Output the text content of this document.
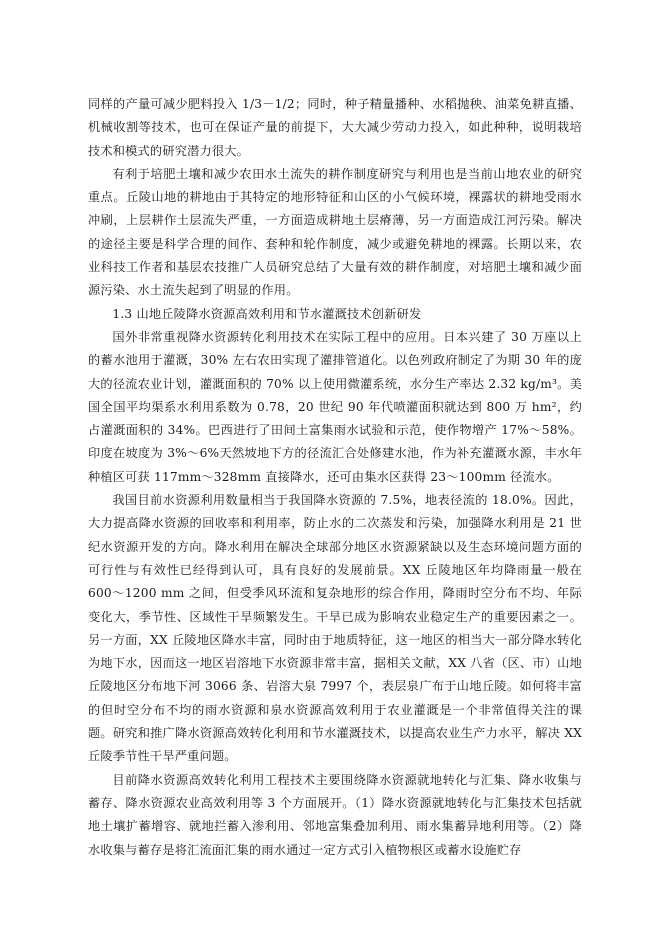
同样的产量可减少肥料投入 1/3－1/2；同时，种子精量播种、水稻抛秧、油菜免耕直播、机械收割等技术，也可在保证产量的前提下，大大减少劳动力投入，如此种种，说明栽培技术和模式的研究潜力很大。

有利于培肥土壤和减少农田水土流失的耕作制度研究与利用也是当前山地农业的研究重点。丘陵山地的耕地由于其特定的地形特征和山区的小气候环境，裸露状的耕地受雨水冲刷，上层耕作土层流失严重，一方面造成耕地土层瘠薄，另一方面造成江河污染。解决的途径主要是科学合理的间作、套种和轮作制度，减少或避免耕地的裸露。长期以来，农业科技工作者和基层农技推广人员研究总结了大量有效的耕作制度，对培肥土壤和减少面源污染、水土流失起到了明显的作用。

1.3 山地丘陵降水资源高效利用和节水灌溉技术创新研发

国外非常重视降水资源转化利用技术在实际工程中的应用。日本兴建了 30 万座以上的蓄水池用于灌溉，30% 左右农田实现了灌排管道化。以色列政府制定了为期 30 年的庞大的径流农业计划，灌溉面积的 70% 以上使用微灌系统，水分生产率达 2.32 kg/m³。美国全国平均渠系水利用系数为 0.78，20 世纪 90 年代喷灌面积就达到 800 万 hm²，约占灌溉面积的 34%。巴西进行了田间土富集雨水试验和示范，使作物增产 17%～58%。印度在坡度为 3%～6%天然坡地下方的径流汇合处修建水池，作为补充灌溉水源，丰水年种植区可获 117mm～328mm 直接降水，还可由集水区获得 23～100mm 径流水。

我国目前水资源利用数量相当于我国降水资源的 7.5%，地表径流的 18.0%。因此，大力提高降水资源的回收率和利用率，防止水的二次蒸发和污染，加强降水利用是 21 世纪水资源开发的方向。降水利用在解决全球部分地区水资源紧缺以及生态环境问题方面的可行性与有效性已经得到认可，具有良好的发展前景。XX 丘陵地区年均降雨量一般在 600～1200 mm 之间，但受季风环流和复杂地形的综合作用，降雨时空分布不均、年际变化大，季节性、区域性干旱频繁发生。干旱已成为影响农业稳定生产的重要因素之一。另一方面，XX 丘陵地区降水丰富，同时由于地质特征，这一地区的相当大一部分降水转化为地下水，因而这一地区岩溶地下水资源非常丰富，据相关文献，XX 八省（区、市）山地丘陵地区分布地下河 3066 条、岩溶大泉 7997 个，表层泉广布于山地丘陵。如何将丰富的但时空分布不均的雨水资源和泉水资源高效利用于农业灌溉是一个非常值得关注的课题。研究和推广降水资源高效转化利用和节水灌溉技术，以提高农业生产力水平，解决 XX 丘陵季节性干旱严重问题。

目前降水资源高效转化利用工程技术主要围绕降水资源就地转化与汇集、降水收集与蓄存、降水资源农业高效利用等 3 个方面展开。（1）降水资源就地转化与汇集技术包括就地土壤扩蓄增容、就地拦蓄入渗利用、邻地富集叠加利用、雨水集蓄异地利用等。（2）降水收集与蓄存是将汇流面汇集的雨水通过一定方式引入植物根区或蓄水设施贮存
